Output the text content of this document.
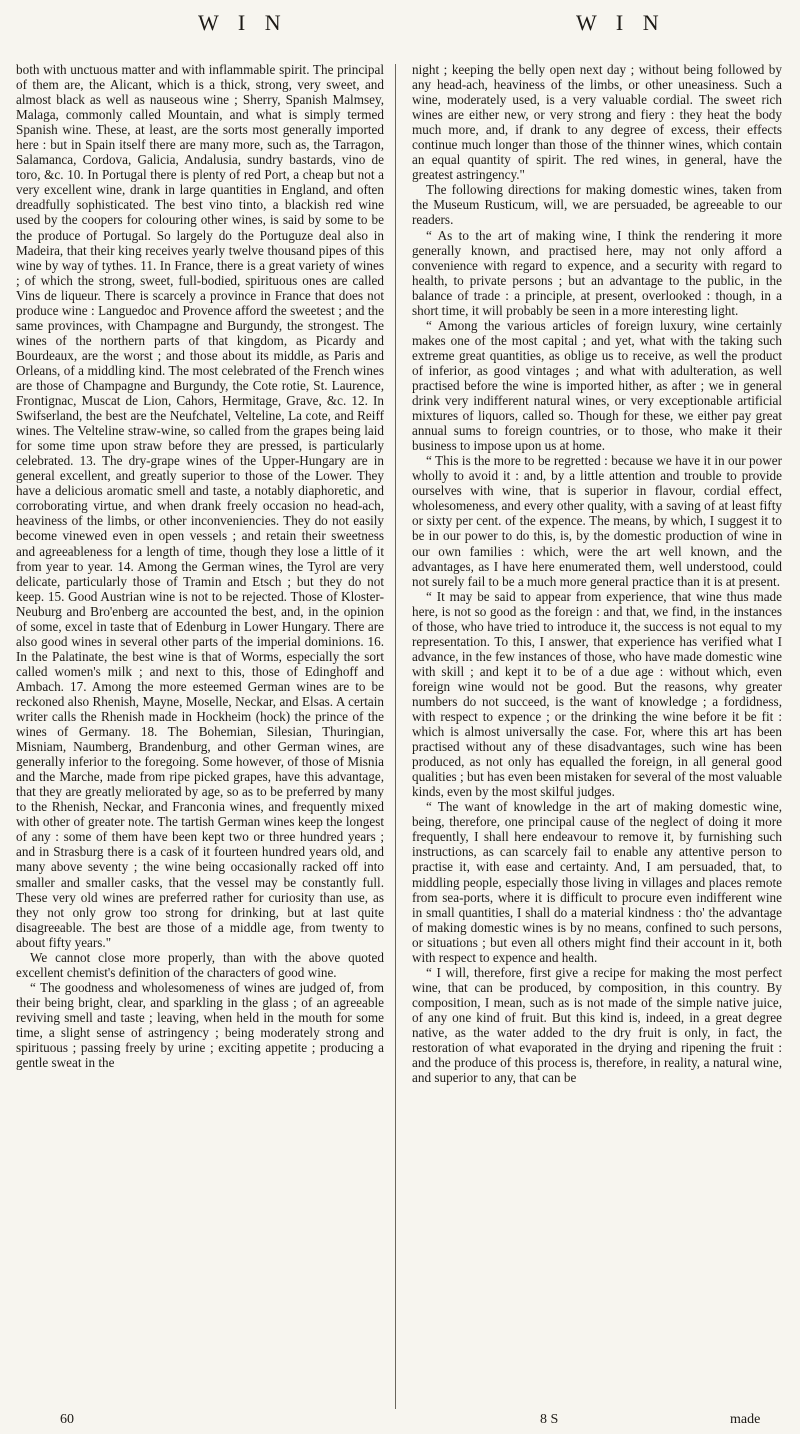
W I N	W I N

both with unctuous matter and with inflammable spirit. The principal of them are, the Alicant, which is a thick, strong, very sweet, and almost black as well as nauseous wine ; Sherry, Spanish Malmsey, Malaga, commonly called Mountain, and what is simply termed Spanish wine. These, at least, are the sorts most generally imported here : but in Spain itself there are many more, such as, the Tarragon, Salamanca, Cordova, Galicia, Andalusia, sundry bastards, vino de toro, &c. 10. In Portugal there is plenty of red Port, a cheap but not a very excellent wine, drank in large quantities in England, and often dreadfully sophisticated. The best vino tinto, a blackish red wine used by the coopers for colouring other wines, is said by some to be the produce of Portugal. So largely do the Portuguze deal also in Madeira, that their king receives yearly twelve thousand pipes of this wine by way of tythes. 11. In France, there is a great variety of wines ; of which the strong, sweet, full-bodied, spirituous ones are called Vins de liqueur. There is scarcely a province in France that does not produce wine : Languedoc and Provence afford the sweetest ; and the same provinces, with Champagne and Burgundy, the strongest. The wines of the northern parts of that kingdom, as Picardy and Bourdeaux, are the worst ; and those about its middle, as Paris and Orleans, of a middling kind. The most celebrated of the French wines are those of Champagne and Burgundy, the Cote rotie, St. Laurence, Frontignac, Muscat de Lion, Cahors, Hermitage, Grave, &c. 12. In Swifserland, the best are the Neufchatel, Velteline, La cote, and Reiff wines. The Velteline straw-wine, so called from the grapes being laid for some time upon straw before they are pressed, is particularly celebrated. 13. The dry-grape wines of the Upper-Hungary are in general excellent, and greatly superior to those of the Lower. They have a delicious aromatic smell and taste, a notably diaphoretic, and corroborating virtue, and when drank freely occasion no head-ach, heaviness of the limbs, or other inconveniencies. They do not easily become vinewed even in open vessels ; and retain their sweetness and agreeableness for a length of time, though they lose a little of it from year to year. 14. Among the German wines, the Tyrol are very delicate, particularly those of Tramin and Etsch ; but they do not keep. 15. Good Austrian wine is not to be rejected. Those of Kloster-Neuburg and Bro'enberg are accounted the best, and, in the opinion of some, excel in taste that of Edenburg in Lower Hungary. There are also good wines in several other parts of the imperial dominions. 16. In the Palatinate, the best wine is that of Worms, especially the sort called women's milk ; and next to this, those of Edinghoff and Ambach. 17. Among the more esteemed German wines are to be reckoned also Rhenish, Mayne, Moselle, Neckar, and Elsas. A certain writer calls the Rhenish made in Hockheim (hock) the prince of the wines of Germany. 18. The Bohemian, Silesian, Thuringian, Misniam, Naumberg, Brandenburg, and other German wines, are generally inferior to the foregoing. Some however, of those of Misnia and the Marche, made from ripe picked grapes, have this advantage, that they are greatly meliorated by age, so as to be preferred by many to the Rhenish, Neckar, and Franconia wines, and frequently mixed with other of greater note. The tartish German wines keep the longest of any : some of them have been kept two or three hundred years ; and in Strasburg there is a cask of it fourteen hundred years old, and many above seventy ; the wine being occasionally racked off into smaller and smaller casks, that the vessel may be constantly full. These very old wines are preferred rather for curiosity than use, as they not only grow too strong for drinking, but at last quite disagreeable. The best are those of a middle age, from twenty to about fifty years."

We cannot close more properly, than with the above quoted excellent chemist's definition of the characters of good wine.

“ The goodness and wholesomeness of wines are judged of, from their being bright, clear, and sparkling in the glass ; of an agreeable reviving smell and taste ; leaving, when held in the mouth for some time, a slight sense of astringency ; being moderately strong and spirituous ; passing freely by urine ; exciting appetite ; producing a gentle sweat in the

night ; keeping the belly open next day ; without being followed by any head-ach, heaviness of the limbs, or other uneasiness. Such a wine, moderately used, is a very valuable cordial. The sweet rich wines are either new, or very strong and fiery : they heat the body much more, and, if drank to any degree of excess, their effects continue much longer than those of the thinner wines, which contain an equal quantity of spirit. The red wines, in general, have the greatest astringency."

The following directions for making domestic wines, taken from the Museum Rusticum, will, we are persuaded, be agreeable to our readers.

“ As to the art of making wine, I think the rendering it more generally known, and practised here, may not only afford a convenience with regard to expence, and a security with regard to health, to private persons ; but an advantage to the public, in the balance of trade : a principle, at present, overlooked : though, in a short time, it will probably be seen in a more interesting light.

“ Among the various articles of foreign luxury, wine certainly makes one of the most capital ; and yet, what with the taking such extreme great quantities, as oblige us to receive, as well the product of inferior, as good vintages ; and what with adulteration, as well practised before the wine is imported hither, as after ; we in general drink very indifferent natural wines, or very exceptionable artificial mixtures of liquors, called so. Though for these, we either pay great annual sums to foreign countries, or to those, who make it their business to impose upon us at home.

“ This is the more to be regretted : because we have it in our power wholly to avoid it : and, by a little attention and trouble to provide ourselves with wine, that is superior in flavour, cordial effect, wholesomeness, and every other quality, with a saving of at least fifty or sixty per cent. of the expence. The means, by which, I suggest it to be in our power to do this, is, by the domestic production of wine in our own families : which, were the art well known, and the advantages, as I have here enumerated them, well understood, could not surely fail to be a much more general practice than it is at present.

“ It may be said to appear from experience, that wine thus made here, is not so good as the foreign : and that, we find, in the instances of those, who have tried to introduce it, the success is not equal to my representation. To this, I answer, that experience has verified what I advance, in the few instances of those, who have made domestic wine with skill ; and kept it to be of a due age : without which, even foreign wine would not be good. But the reasons, why greater numbers do not succeed, is the want of knowledge ; a fordidness, with respect to expence ; or the drinking the wine before it be fit : which is almost universally the case. For, where this art has been practised without any of these disadvantages, such wine has been produced, as not only has equalled the foreign, in all general good qualities ; but has even been mistaken for several of the most valuable kinds, even by the most skilful judges.

“ The want of knowledge in the art of making domestic wine, being, therefore, one principal cause of the neglect of doing it more frequently, I shall here endeavour to remove it, by furnishing such instructions, as can scarcely fail to enable any attentive person to practise it, with ease and certainty. And, I am persuaded, that, to middling people, especially those living in villages and places remote from sea-ports, where it is difficult to procure even indifferent wine in small quantities, I shall do a material kindness : tho' the advantage of making domestic wines is by no means, confined to such persons, or situations ; but even all others might find their account in it, both with respect to expence and health.

“ I will, therefore, first give a recipe for making the most perfect wine, that can be produced, by composition, in this country. By composition, I mean, such as is not made of the simple native juice, of any one kind of fruit. But this kind is, indeed, in a great degree native, as the water added to the dry fruit is only, in fact, the restoration of what evaporated in the drying and ripening the fruit : and the produce of this process is, therefore, in reality, a natural wine, and superior to any, that can be

60	8 S	made
